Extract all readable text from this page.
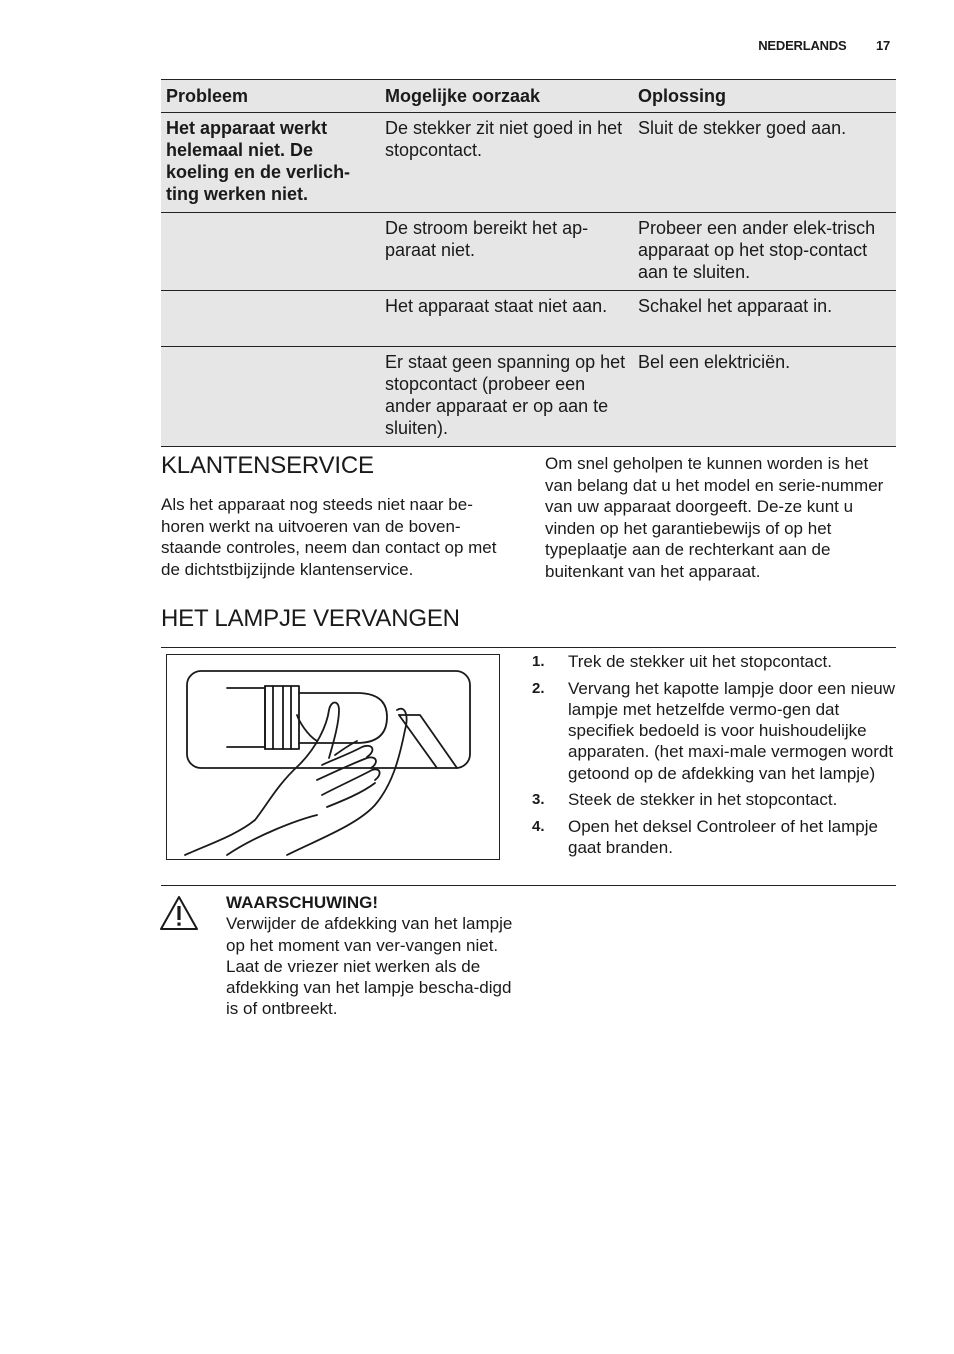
NEDERLANDS 17
Probleem	Mogelijke oorzaak	Oplossing
Het apparaat werkt helemaal niet. De koeling en de verlich-ting werken niet.	De stekker zit niet goed in het stopcontact.	Sluit de stekker goed aan.
	De stroom bereikt het ap-paraat niet.	Probeer een ander elek-trisch apparaat op het stop-contact aan te sluiten.
	Het apparaat staat niet aan.	Schakel het apparaat in.
	Er staat geen spanning op het stopcontact (probeer een ander apparaat er op aan te sluiten).	Bel een elektriciën.
KLANTENSERVICE

Als het apparaat nog steeds niet naar be-horen werkt na uitvoeren van de boven-staande controles, neem dan contact op met de dichtstbijzijnde klantenservice.

Om snel geholpen te kunnen worden is het van belang dat u het model en serie-nummer van uw apparaat doorgeeft. De-ze kunt u vinden op het garantiebewijs of op het typeplaatje aan de rechterkant aan de buitenkant van het apparaat.

HET LAMPJE VERVANGEN
1. Trek de stekker uit het stopcontact.
2. Vervang het kapotte lampje door een nieuw lampje met hetzelfde vermo-gen dat specifiek bedoeld is voor huishoudelijke apparaten. (het maxi-male vermogen wordt getoond op de afdekking van het lampje)
3. Steek de stekker in het stopcontact.
4. Open het deksel Controleer of het lampje gaat branden.

WAARSCHUWING!

Verwijder de afdekking van het lampje op het moment van ver-vangen niet.

Laat de vriezer niet werken als de afdekking van het lampje bescha-digd is of ontbreekt.
